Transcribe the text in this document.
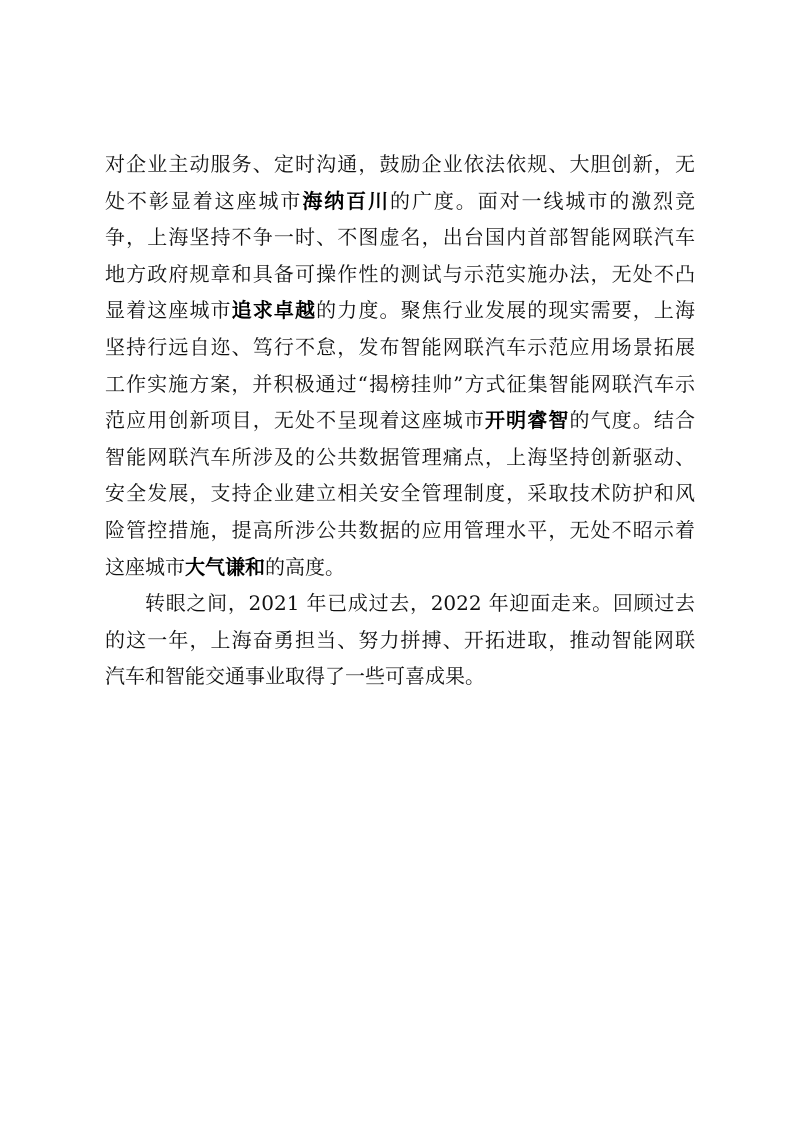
对企业主动服务、定时沟通，鼓励企业依法依规、大胆创新，无
处不彰显着这座城市海纳百川的广度。面对一线城市的激烈竞
争，上海坚持不争一时、不图虚名，出台国内首部智能网联汽车
地方政府规章和具备可操作性的测试与示范实施办法，无处不凸
显着这座城市追求卓越的力度。聚焦行业发展的现实需要，上海
坚持行远自迩、笃行不怠，发布智能网联汽车示范应用场景拓展
工作实施方案，并积极通过“揭榜挂帅”方式征集智能网联汽车示
范应用创新项目，无处不呈现着这座城市开明睿智的气度。结合
智能网联汽车所涉及的公共数据管理痛点，上海坚持创新驱动、
安全发展，支持企业建立相关安全管理制度，采取技术防护和风
险管控措施，提高所涉公共数据的应用管理水平，无处不昭示着
这座城市大气谦和的高度。
转眼之间，2021 年已成过去，2022 年迎面走来。回顾过去
的这一年，上海奋勇担当、努力拼搏、开拓进取，推动智能网联
汽车和智能交通事业取得了一些可喜成果。
